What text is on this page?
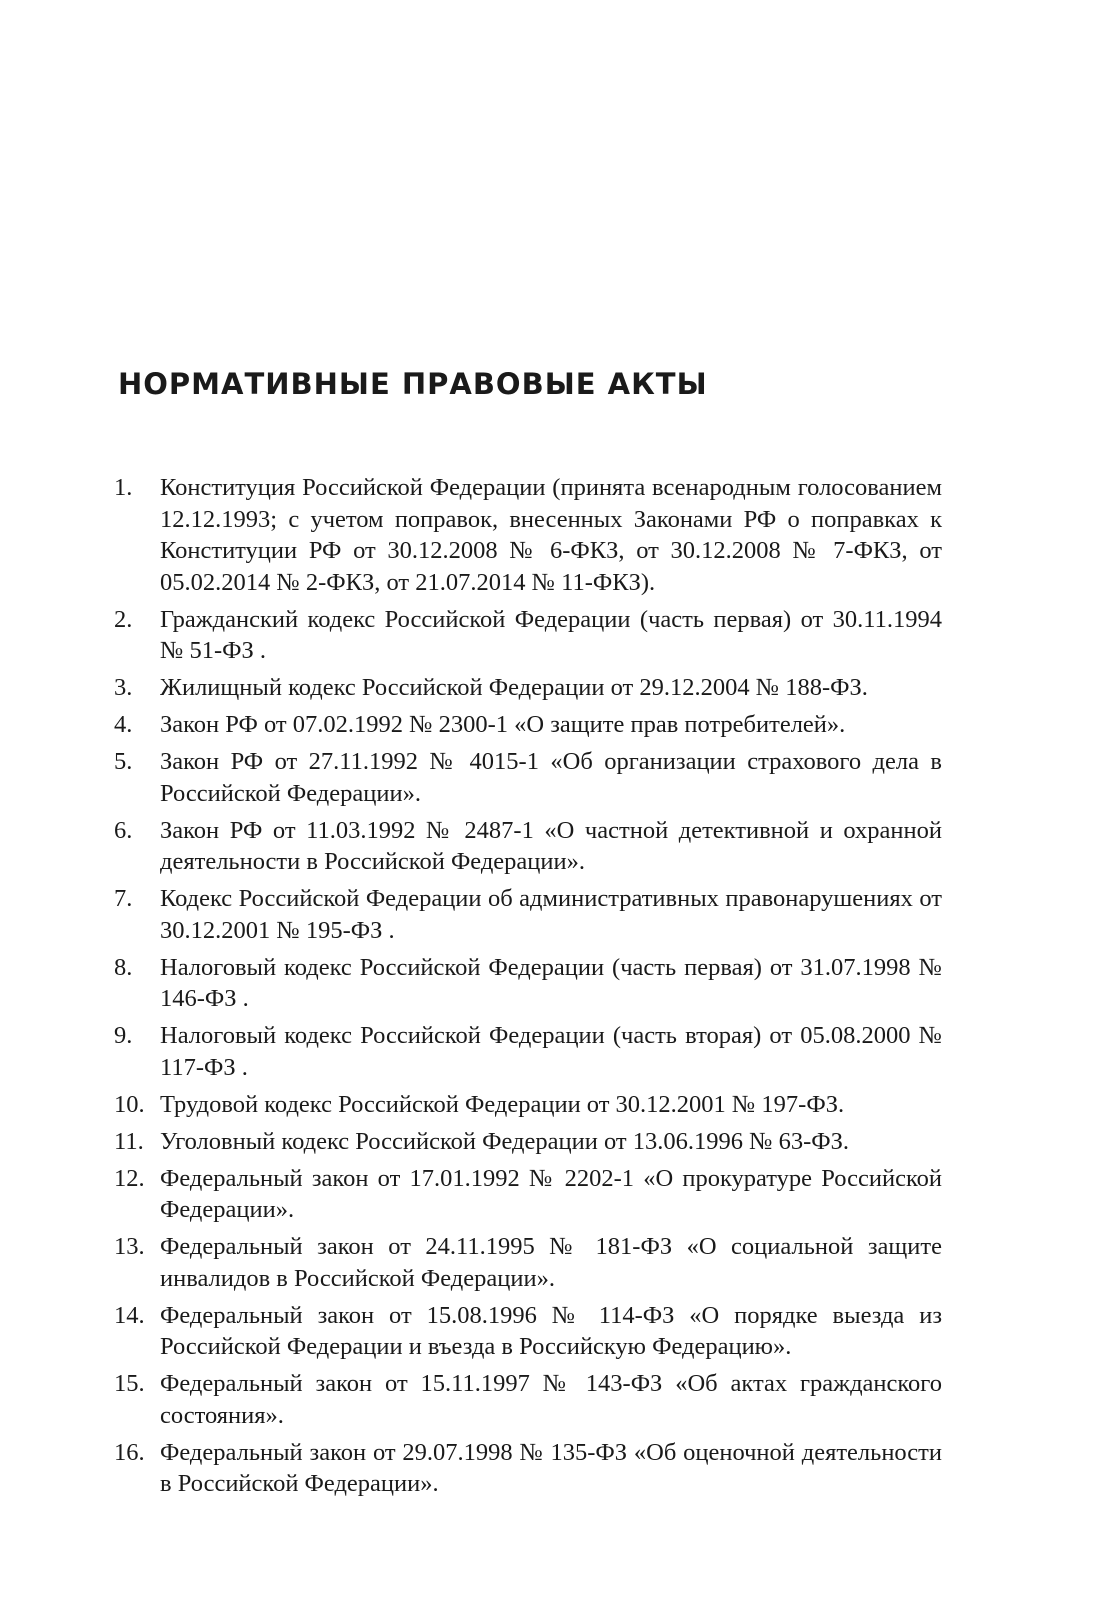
НОРМАТИВНЫЕ ПРАВОВЫЕ АКТЫ
1.	Конституция Российской Федерации (принята всенародным голосованием 12.12.1993; с учетом поправок, внесенных Законами РФ о поправках к Конституции РФ от 30.12.2008 № 6-ФКЗ, от 30.12.2008 № 7-ФКЗ, от 05.02.2014 № 2-ФКЗ, от 21.07.2014 № 11-ФКЗ).
2.	Гражданский кодекс Российской Федерации (часть первая) от 30.11.1994 № 51-ФЗ .
3.	Жилищный кодекс Российской Федерации от 29.12.2004 № 188-ФЗ.
4.	Закон РФ от 07.02.1992 № 2300-1 «О защите прав потребителей».
5.	Закон РФ от 27.11.1992 № 4015-1 «Об организации страхового дела в Российской Федерации».
6.	Закон РФ от 11.03.1992 № 2487-1 «О частной детективной и охранной деятельности в Российской Федерации».
7.	Кодекс Российской Федерации об административных правонарушениях от 30.12.2001 № 195-ФЗ .
8.	Налоговый кодекс Российской Федерации (часть первая) от 31.07.1998 № 146-ФЗ .
9.	Налоговый кодекс Российской Федерации (часть вторая) от 05.08.2000 № 117-ФЗ .
10. Трудовой кодекс Российской Федерации от 30.12.2001 № 197-ФЗ.
11. Уголовный кодекс Российской Федерации от 13.06.1996 № 63-ФЗ.
12. Федеральный закон от 17.01.1992 № 2202-1 «О прокуратуре Российской Федерации».
13. Федеральный закон от 24.11.1995 № 181-ФЗ «О социальной защите инвалидов в Российской Федерации».
14. Федеральный закон от 15.08.1996 № 114-ФЗ «О порядке выезда из Российской Федерации и въезда в Российскую Федерацию».
15. Федеральный закон от 15.11.1997 № 143-ФЗ «Об актах гражданского состояния».
16. Федеральный закон от 29.07.1998 № 135-ФЗ «Об оценочной деятельности в Российской Федерации».
